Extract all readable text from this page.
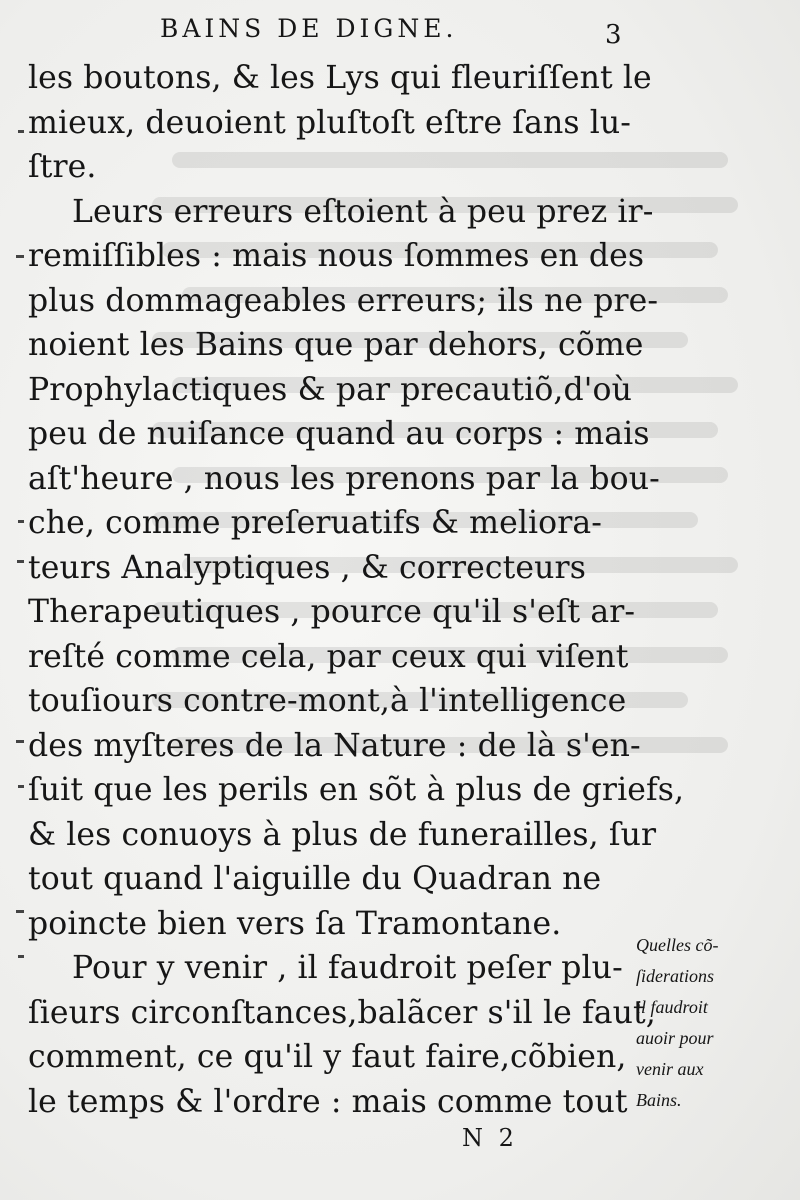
BAINS DE DIGNE.	3
les boutons, & les Lys qui fleuriſſent le
mieux, deuoient pluſtoſt eſtre ſans lu-
ſtre.
Leurs erreurs eſtoient à peu prez ir-
remiſſibles : mais nous ſommes en des
plus dommageables erreurs; ils ne pre-
noient les Bains que par dehors, cõme
Prophylactiques & par precautiõ,d'où
peu de nuiſance quand au corps : mais
aſt'heure , nous les prenons par la bou-
che, comme preſeruatifs & meliora-
teurs Analyptiques , & correcteurs
Therapeutiques , pource qu'il s'eſt ar-
reſté comme cela, par ceux qui viſent
touſiours contre-mont,à l'intelligence
des myſteres de la Nature : de là s'en-
ſuit que les perils en sõt à plus de griefs,
& les conuoys à plus de funerailles, ſur
tout quand l'aiguille du Quadran ne
poincte bien vers ſa Tramontane.
Pour y venir , il faudroit peſer plu-
ſieurs circonſtances,balãcer s'il le faut,
comment, ce qu'il y faut faire,cõbien,
le temps & l'ordre : mais comme tout
Quelles cõ-
ſiderations
il faudroit
auoir pour
venir aux
Bains.
N 2
